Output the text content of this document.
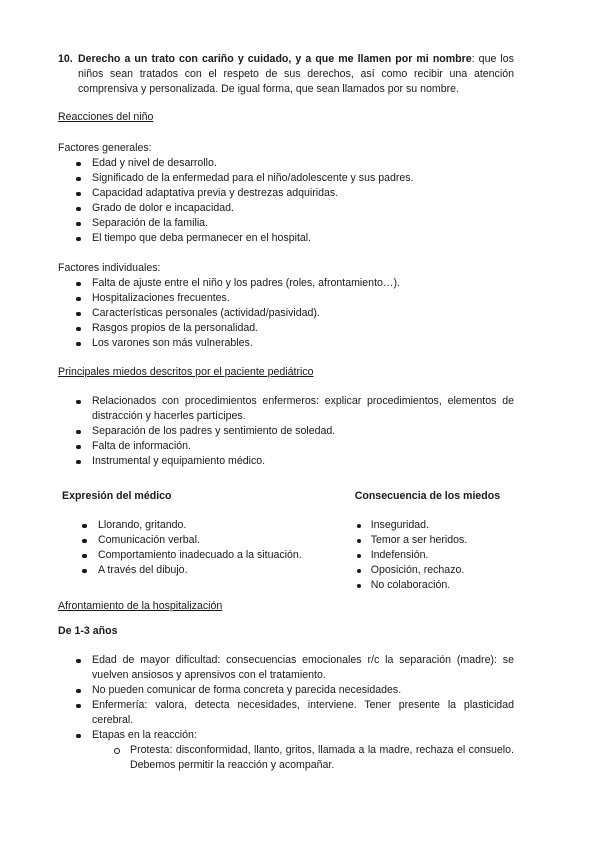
10. Derecho a un trato con cariño y cuidado, y a que me llamen por mi nombre: que los niños sean tratados con el respeto de sus derechos, así como recibir una atención comprensiva y personalizada. De igual forma, que sean llamados por su nombre.
Reacciones del niño
Factores generales:
Edad y nivel de desarrollo.
Significado de la enfermedad para el niño/adolescente y sus padres.
Capacidad adaptativa previa y destrezas adquiridas.
Grado de dolor e incapacidad.
Separación de la familia.
El tiempo que deba permanecer en el hospital.
Factores individuales:
Falta de ajuste entre el niño y los padres (roles, afrontamiento…).
Hospitalizaciones frecuentes.
Características personales (actividad/pasividad).
Rasgos propios de la personalidad.
Los varones son más vulnerables.
Principales miedos descritos por el paciente pediátrico
Relacionados con procedimientos enfermeros: explicar procedimientos, elementos de distracción y hacerles partícipes.
Separación de los padres y sentimiento de soledad.
Falta de información.
Instrumental y equipamiento médico.
Expresión del médico
Llorando, gritando.
Comunicación verbal.
Comportamiento inadecuado a la situación.
A través del dibujo.
Consecuencia de los miedos
Inseguridad.
Temor a ser heridos.
Indefensión.
Oposición, rechazo.
No colaboración.
Afrontamiento de la hospitalización
De 1-3 años
Edad de mayor dificultad: consecuencias emocionales r/c la separación (madre): se vuelven ansiosos y aprensivos con el tratamiento.
No pueden comunicar de forma concreta y parecida necesidades.
Enfermería: valora, detecta necesidades, interviene. Tener presente la plasticidad cerebral.
Etapas en la reacción:
Protesta: disconformidad, llanto, gritos, llamada a la madre, rechaza el consuelo. Debemos permitir la reacción y acompañar.
